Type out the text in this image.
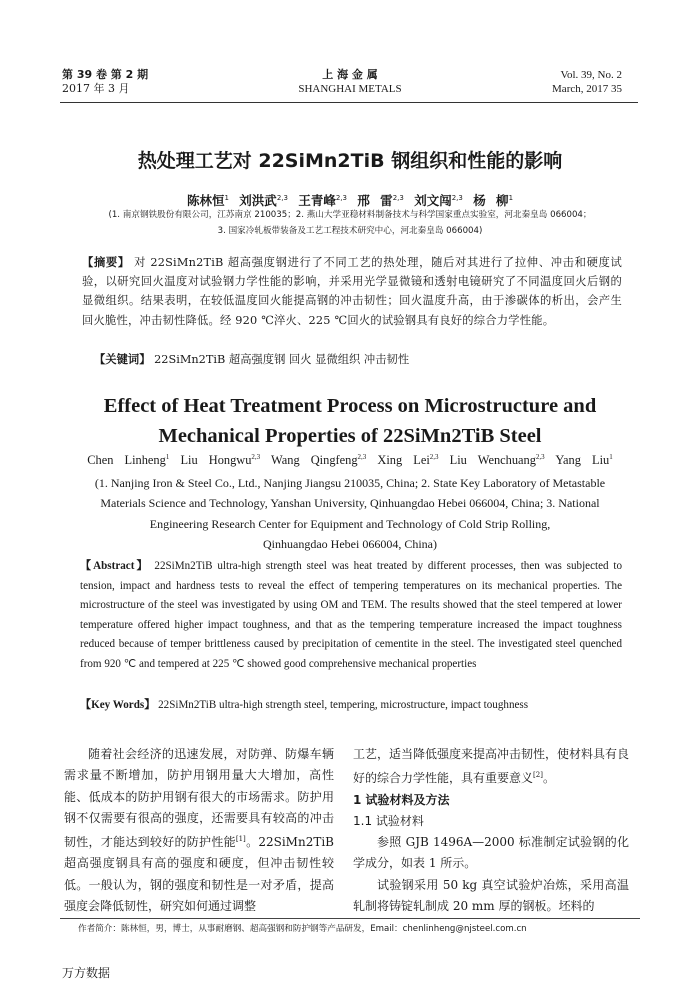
第 39 卷 第 2 期
2017 年 3 月
上 海 金 属
SHANGHAI METALS
Vol. 39, No. 2
March, 2017 35
热处理工艺对 22SiMn2TiB 钢组织和性能的影响
陈林恒$^1$ 刘洪武$^{2,3}$ 王青峰$^{2,3}$ 邢 雷$^{2,3}$ 刘文闯$^{2,3}$ 杨 柳$^1$
(1. 南京钢铁股份有限公司，江苏南京 210035；2. 燕山大学亚稳材料制备技术与科学国家重点实验室，河北秦皇岛 066004；
3. 国家冷轧板带装备及工艺工程技术研究中心，河北秦皇岛 066004)
【摘要】 对 22SiMn2TiB 超高强度钢进行了不同工艺的热处理，随后对其进行了拉伸、冲击和硬度试验，以研究回火温度对试验钢力学性能的影响，并采用光学显微镜和透射电镜研究了不同温度回火后钢的显微组织。结果表明，在较低温度回火能提高钢的冲击韧性；回火温度升高，由于渗碳体的析出，会产生回火脆性，冲击韧性降低。经 920 ℃淬火、225 ℃回火的试验钢具有良好的综合力学性能。
【关键词】 22SiMn2TiB 超高强度钢 回火 显微组织 冲击韧性
Effect of Heat Treatment Process on Microstructure and
Mechanical Properties of 22SiMn2TiB Steel
Chen Linheng$^1$ Liu Hongwu$^{2,3}$ Wang Qingfeng$^{2,3}$ Xing Lei$^{2,3}$ Liu Wenchuang$^{2,3}$ Yang Liu$^1$
(1. Nanjing Iron & Steel Co., Ltd., Nanjing Jiangsu 210035, China; 2. State Key Laboratory of Metastable
Materials Science and Technology, Yanshan University, Qinhuangdao Hebei 066004, China; 3. National
Engineering Research Center for Equipment and Technology of Cold Strip Rolling,
Qinhuangdao Hebei 066004, China)
【Abstract】 22SiMn2TiB ultra-high strength steel was heat treated by different processes, then was subjected to tension, impact and hardness tests to reveal the effect of tempering temperatures on its mechanical properties. The microstructure of the steel was investigated by using OM and TEM. The results showed that the steel tempered at lower temperature offered higher impact toughness, and that as the tempering temperature increased the impact toughness reduced because of temper brittleness caused by precipitation of cementite in the steel. The investigated steel quenched from 920 ℃ and tempered at 225 ℃ showed good comprehensive mechanical properties
【Key Words】 22SiMn2TiB ultra-high strength steel, tempering, microstructure, impact toughness

随着社会经济的迅速发展，对防弹、防爆车辆需求量不断增加，防护用钢用量大大增加，高性能、低成本的防护用钢有很大的市场需求。防护用钢不仅需要有很高的强度，还需要具有较高的冲击韧性，才能达到较好的防护性能[1]。22SiMn2TiB 超高强度钢具有高的强度和硬度，但冲击韧性较低。一般认为，钢的强度和韧性是一对矛盾，提高强度会降低韧性，研究如何通过调整

工艺，适当降低强度来提高冲击韧性，使材料具有良好的综合力学性能，具有重要意义[2]。

1 试验材料及方法

1.1 试验材料

参照 GJB 1496A—2000 标准制定试验钢的化学成分，如表 1 所示。

试验钢采用 50 kg 真空试验炉冶炼，采用高温轧制将铸锭轧制成 20 mm 厚的钢板。坯料的

作者简介：陈林恒，男，博士，从事耐磨钢、超高强钢和防护钢等产品研发，Email：chenlinheng@njsteel.com.cn
万方数据
